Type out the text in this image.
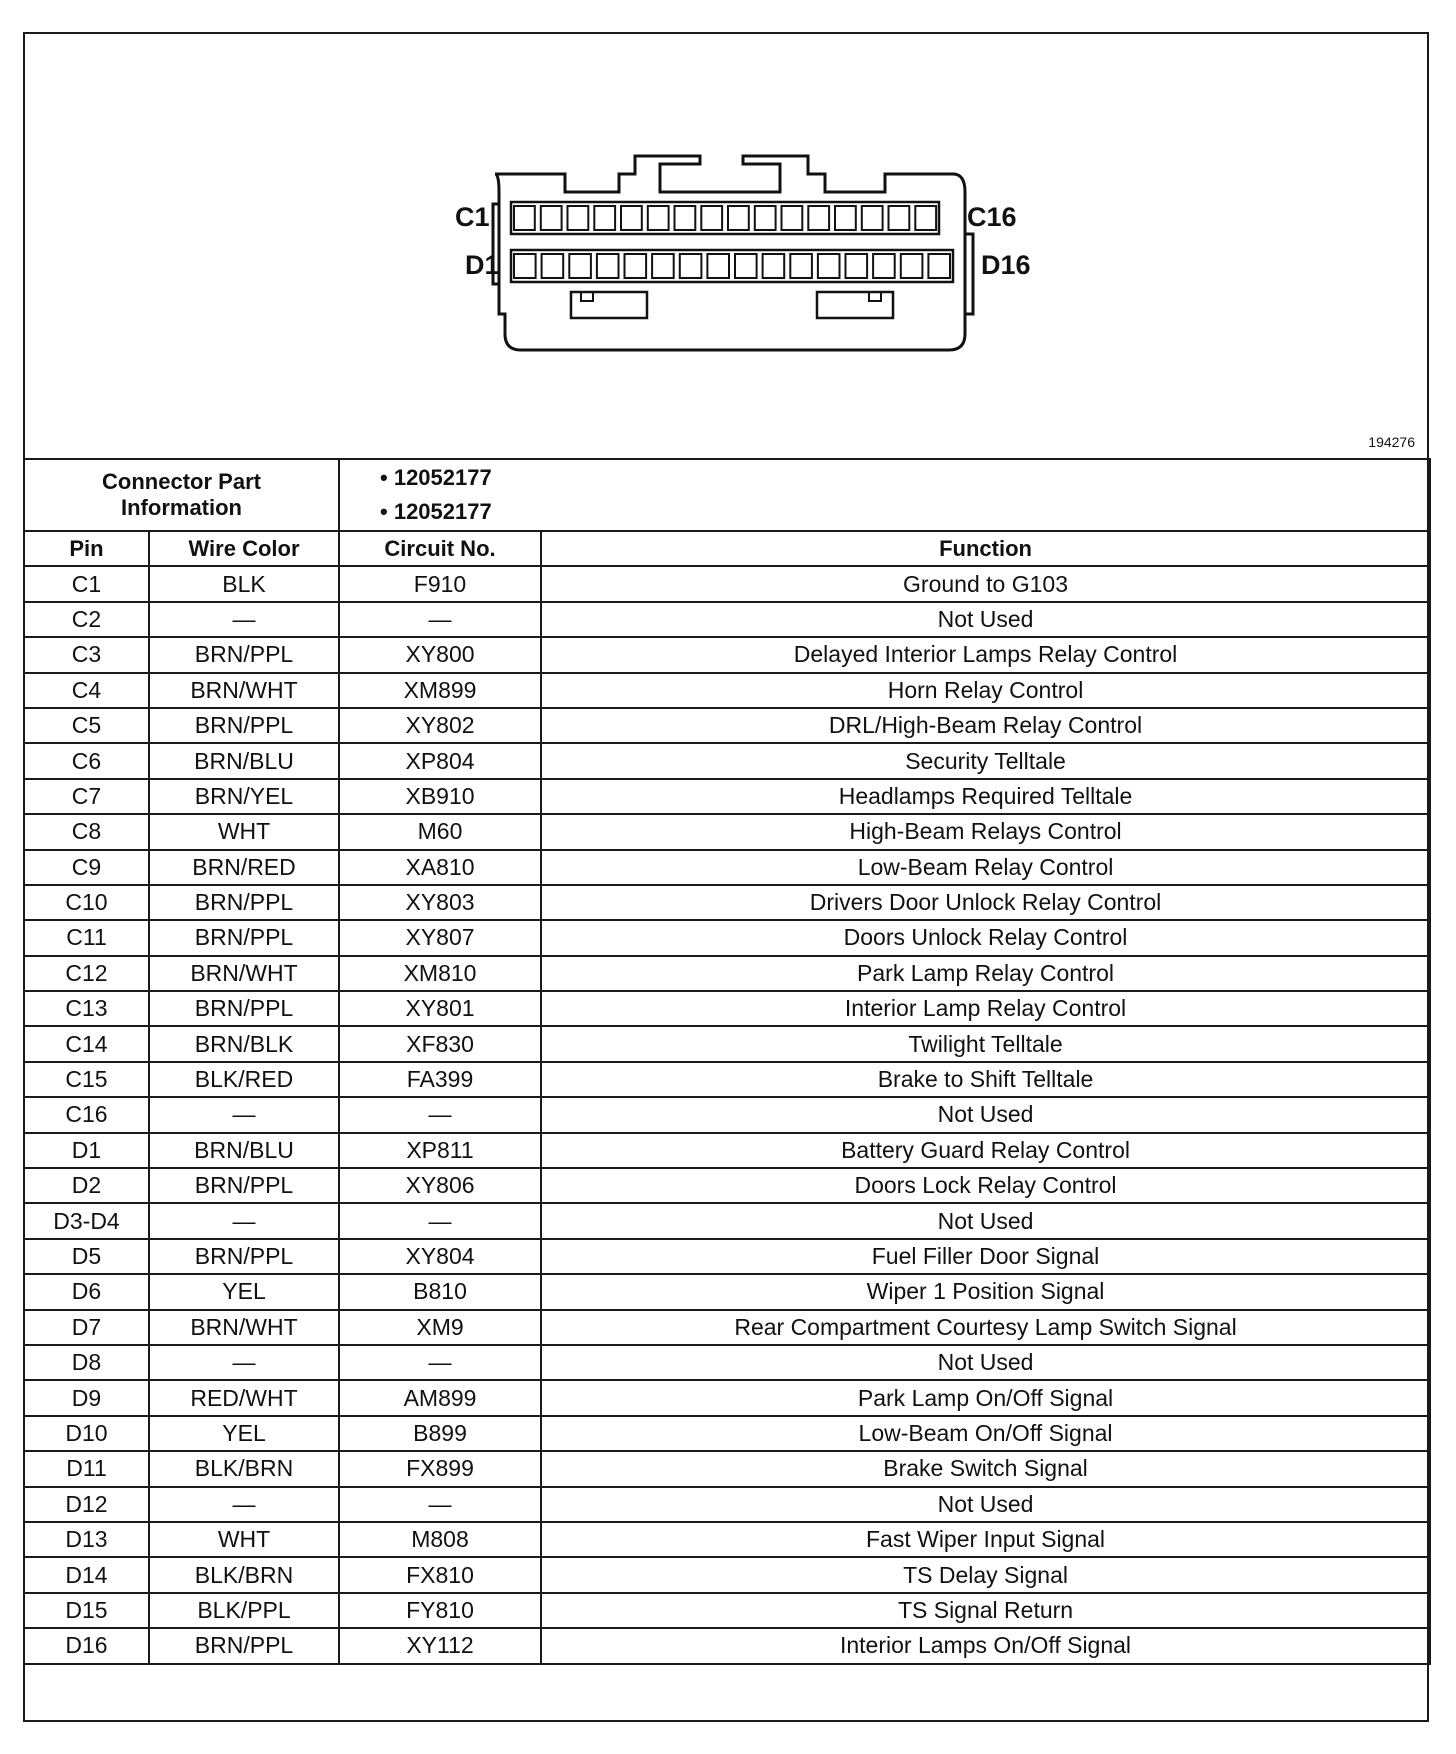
C1	C16
D1	D16
194276
Connector Part Information		• 12052177
• 12052177	

Pin	Wire Color	Circuit No.	Function
C1	BLK	F910	Ground to G103
C2	—	—	Not Used
C3	BRN/PPL	XY800	Delayed Interior Lamps Relay Control
C4	BRN/WHT	XM899	Horn Relay Control
C5	BRN/PPL	XY802	DRL/High-Beam Relay Control
C6	BRN/BLU	XP804	Security Telltale
C7	BRN/YEL	XB910	Headlamps Required Telltale
C8	WHT	M60	High-Beam Relays Control
C9	BRN/RED	XA810	Low-Beam Relay Control
C10	BRN/PPL	XY803	Drivers Door Unlock Relay Control
C11	BRN/PPL	XY807	Doors Unlock Relay Control
C12	BRN/WHT	XM810	Park Lamp Relay Control
C13	BRN/PPL	XY801	Interior Lamp Relay Control
C14	BRN/BLK	XF830	Twilight Telltale
C15	BLK/RED	FA399	Brake to Shift Telltale
C16	—	—	Not Used
D1	BRN/BLU	XP811	Battery Guard Relay Control
D2	BRN/PPL	XY806	Doors Lock Relay Control
D3-D4	—	—	Not Used
D5	BRN/PPL	XY804	Fuel Filler Door Signal
D6	YEL	B810	Wiper 1 Position Signal
D7	BRN/WHT	XM9	Rear Compartment Courtesy Lamp Switch Signal
D8	—	—	Not Used
D9	RED/WHT	AM899	Park Lamp On/Off Signal
D10	YEL	B899	Low-Beam On/Off Signal
D11	BLK/BRN	FX899	Brake Switch Signal
D12	—	—	Not Used
D13	WHT	M808	Fast Wiper Input Signal
D14	BLK/BRN	FX810	TS Delay Signal
D15	BLK/PPL	FY810	TS Signal Return
D16	BRN/PPL	XY112	Interior Lamps On/Off Signal
